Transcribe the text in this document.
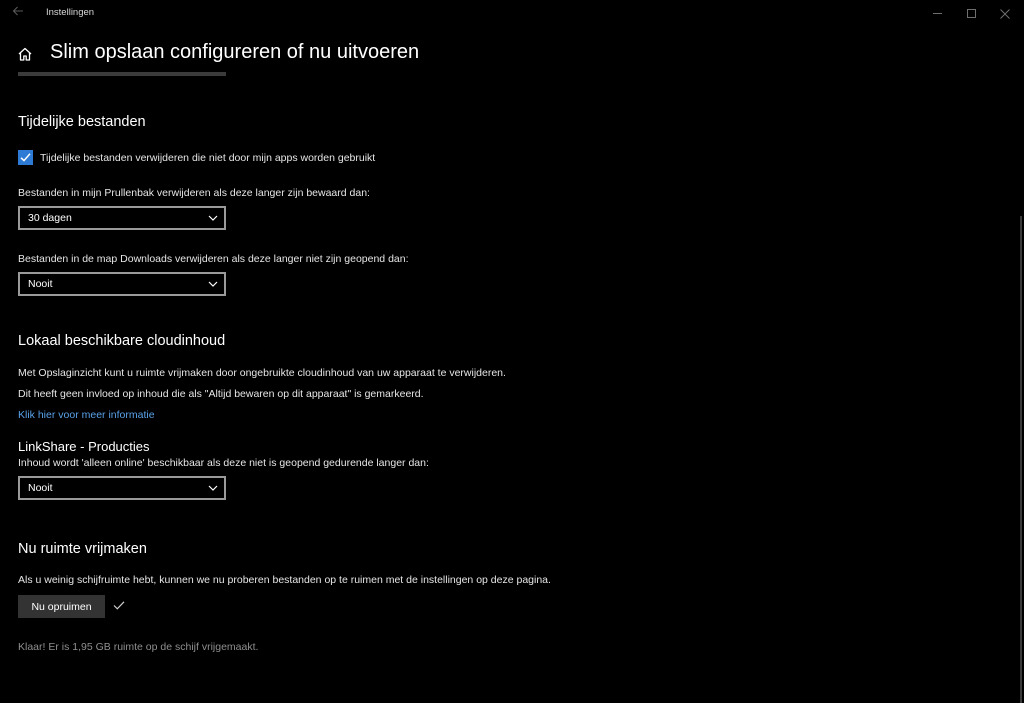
Instellingen
Slim opslaan configureren of nu uitvoeren
Tijdelijke bestanden
Tijdelijke bestanden verwijderen die niet door mijn apps worden gebruikt
Bestanden in mijn Prullenbak verwijderen als deze langer zijn bewaard dan:
30 dagen
Bestanden in de map Downloads verwijderen als deze langer niet zijn geopend dan:
Nooit
Lokaal beschikbare cloudinhoud
Met Opslaginzicht kunt u ruimte vrijmaken door ongebruikte cloudinhoud van uw apparaat te verwijderen.
Dit heeft geen invloed op inhoud die als "Altijd bewaren op dit apparaat" is gemarkeerd.
Klik hier voor meer informatie
LinkShare - Producties
Inhoud wordt 'alleen online' beschikbaar als deze niet is geopend gedurende langer dan:
Nooit
Nu ruimte vrijmaken
Als u weinig schijfruimte hebt, kunnen we nu proberen bestanden op te ruimen met de instellingen op deze pagina.
Nu opruimen
Klaar! Er is 1,95 GB ruimte op de schijf vrijgemaakt.
